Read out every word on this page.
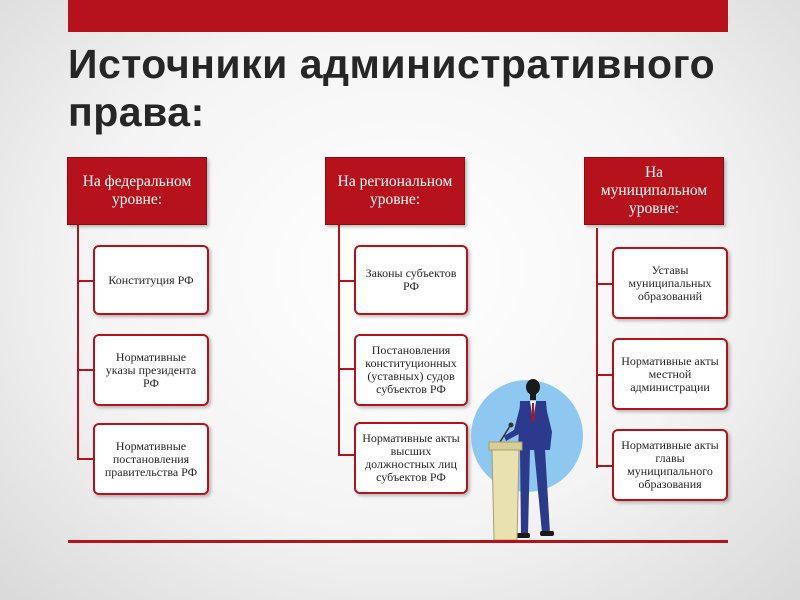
Источники административного права:
На федеральном уровне:
Конституция РФ
Нормативные указы президента РФ
Нормативные постановления правительства РФ
На региональном уровне:
Законы субъектов РФ
Постановления конституционных (уставных) судов субъектов РФ
Нормативные акты высших должностных лиц субъектов РФ
На муниципальном уровне:
Уставы муниципальных образований
Нормативные акты местной администрации
Нормативные акты главы муниципального образования
